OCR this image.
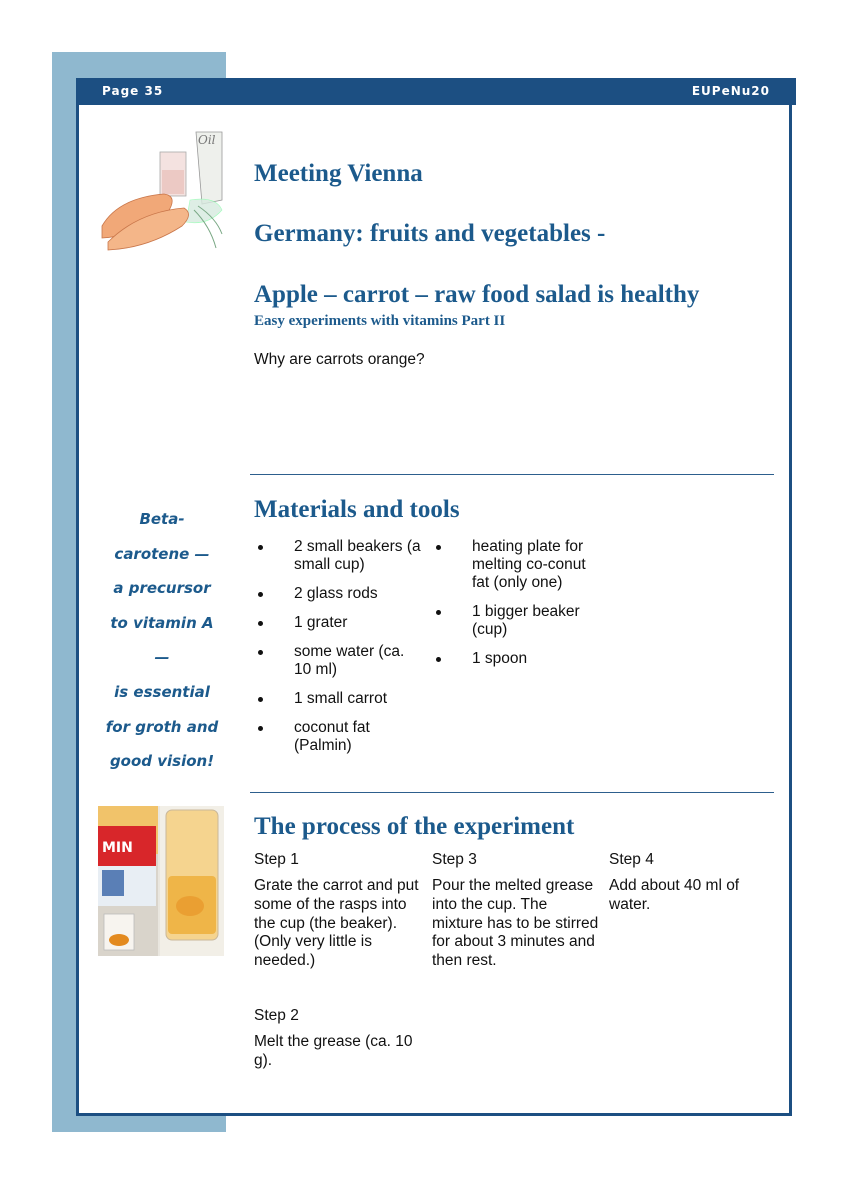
Page 35	EUPeNu20
Oil
Meeting Vienna
Germany: fruits and vegetables -
Apple – carrot – raw food salad is healthy
Easy experiments with vitamins Part II
Why are carrots orange?
Beta-
carotene —
a precursor
to vitamin A
—
is essential
for groth and
good vision!
Materials and tools
2 small beakers (a small cup)
2 glass rods
1 grater
some water (ca. 10 ml)
1 small carrot
coconut fat (Palmin)
heating plate for melting co-conut fat (only one)
1 bigger beaker (cup)
1 spoon
MIN
The process of the experiment
Step 1
Grate the carrot and put some of the rasps into the cup (the beaker). (Only very little is needed.)
Step 3
Pour the melted grease into the cup. The mixture has to be stirred for about 3 minutes and then rest.
Step 4
Add about 40 ml of water.
Step 2
Melt the grease (ca. 10 g).
